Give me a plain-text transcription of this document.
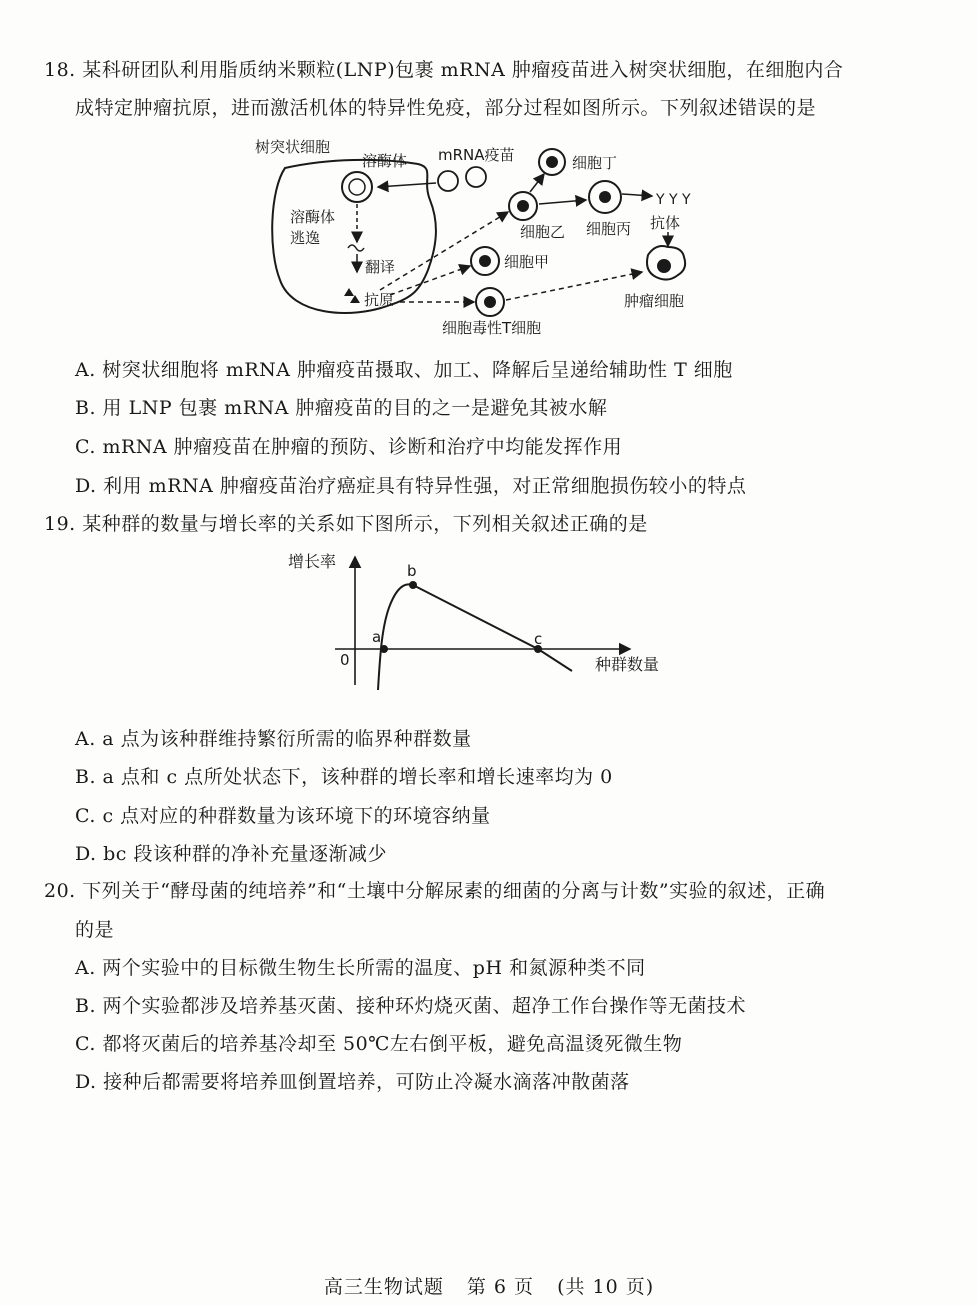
18. 某科研团队利用脂质纳米颗粒(LNP)包裹 mRNA 肿瘤疫苗进入树突状细胞，在细胞内合
成特定肿瘤抗原，进而激活机体的特异性免疫，部分过程如图所示。下列叙述错误的是
树突状细胞
溶酶体 mRNA疫苗
溶酶体
逃逸
翻译
抗原
细胞丁
细胞乙 细胞丙
Y Y Y
抗体
细胞甲
肿瘤细胞
细胞毒性T细胞
A. 树突状细胞将 mRNA 肿瘤疫苗摄取、加工、降解后呈递给辅助性 T 细胞
B. 用 LNP 包裹 mRNA 肿瘤疫苗的目的之一是避免其被水解
C. mRNA 肿瘤疫苗在肿瘤的预防、诊断和治疗中均能发挥作用
D. 利用 mRNA 肿瘤疫苗治疗癌症具有特异性强，对正常细胞损伤较小的特点
19. 某种群的数量与增长率的关系如下图所示，下列相关叙述正确的是
增长率
种群数量
0
a
b
c
A. a 点为该种群维持繁衍所需的临界种群数量
B. a 点和 c 点所处状态下，该种群的增长率和增长速率均为 0
C. c 点对应的种群数量为该环境下的环境容纳量
D. bc 段该种群的净补充量逐渐减少
20. 下列关于“酵母菌的纯培养”和“土壤中分解尿素的细菌的分离与计数”实验的叙述，正确
的是
A. 两个实验中的目标微生物生长所需的温度、pH 和氮源种类不同
B. 两个实验都涉及培养基灭菌、接种环灼烧灭菌、超净工作台操作等无菌技术
C. 都将灭菌后的培养基冷却至 50℃左右倒平板，避免高温烫死微生物
D. 接种后都需要将培养皿倒置培养，可防止冷凝水滴落冲散菌落
高三生物试题 第 6 页 (共 10 页)
